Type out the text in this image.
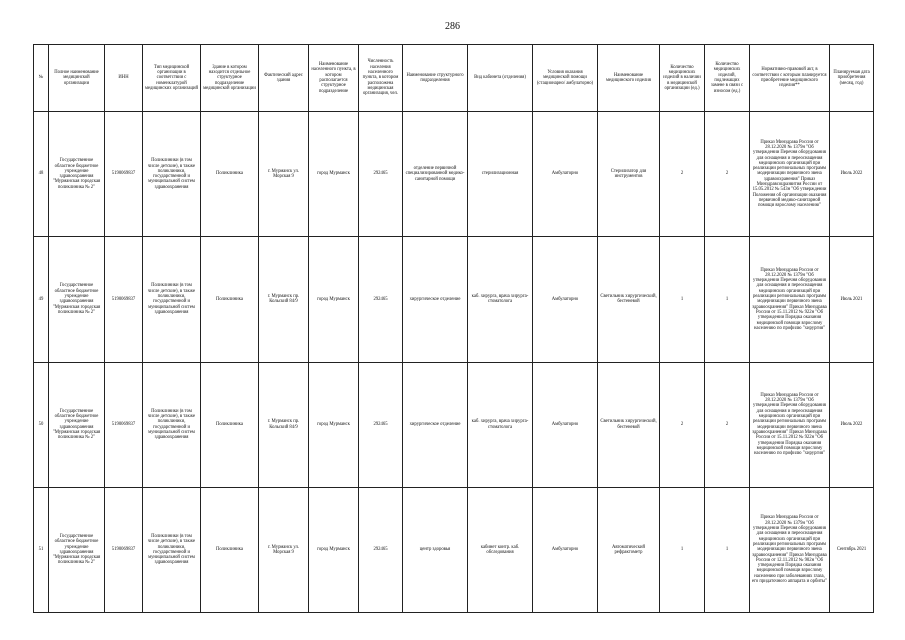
286
№	Полное наименование медицинской организации	ИНН	Тип медицинской организации в соответствии с номенклатурой медицинских организаций	Здание в котором находится отдельное структурное подразделение медицинской организации	Фактический адрес здания	Наименование населенного пункта, в котором располагается структурное подразделение	Численность населения населенного пункта, в котором расположена медицинская организация, чел.	Наименование структурного подразделения	Вид кабинета (отделения)	Условия оказания медицинской помощи (стационарно/ амбулаторно)	Наименование медицинского изделия	Количество медицинских изделий в наличии в медицинской организации (ед.)	Количество медицинских изделий, подлежащих замене в связи с износом (ед.)	Нормативно-правовой акт, в соответствии с которым планируется приобретение медицинского изделия**	Планируемая дата приобретения (месяц, год)
48	Государственное областное бюджетное учреждение здравоохранения "Мурманская городская поликлиника № 2"	5190069837	Поликлиники (в том числе детские), в также поликлиники, государственной и муниципальной систем здравоохранения	Поликлиника	г. Мурманск ул. Морская 9	город Мурманск	292465	отделение первичной специализированной медико-санитарной помощи	стерилизационная	Амбулаторно	Стерилизатор для инструментов	2	2	Приказ Минздрава России от 28.12.2020 № 1379н "Об утверждении Перечня оборудования для оснащения и переоснащения медицинских организаций при реализации региональных программ модернизации первичного звена здравоохранения" Приказ Минздравсоцразвития России от 15.05.2012 № 543н "Об утверждении Положения об организации оказания первичной медико-санитарной помощи взрослому населению"	Июль 2022
49	Государственное областное бюджетное учреждение здравоохранения "Мурманская городская поликлиника № 2"	5190069837	Поликлиники (в том числе детские), в также поликлиники, государственной и муниципальной систем здравоохранения	Поликлиника	г. Мурманск пр. Кольский 84/9	город Мурманск	292465	хирургическое отделение	каб. хирурга, врача хирурга-стоматолога	Амбулаторно	Светильник хирургический, бестеневой	1	1	Приказ Минздрава России от 28.12.2020 № 1379н "Об утверждении Перечня оборудования для оснащения и переоснащения медицинских организаций при реализации региональных программ модернизации первичного звена здравоохранения" Приказ Минздрава России от 15.11.2012 № 922н "Об утверждении Порядка оказания медицинской помощи взрослому населению по профилю "хирургия"	Июль 2021
50	Государственное областное бюджетное учреждение здравоохранения "Мурманская городская поликлиника № 2"	5190069837	Поликлиники (в том числе детские), в также поликлиники, государственной и муниципальной систем здравоохранения	Поликлиника	г. Мурманск пр. Кольский 84/9	город Мурманск	292465	хирургическое отделение	каб. хирурга, врача хирурга-стоматолога	Амбулаторно	Светильник хирургический, бестеневой	2	2	Приказ Минздрава России от 28.12.2020 № 1379н "Об утверждении Перечня оборудования для оснащения и переоснащения медицинских организаций при реализации региональных программ модернизации первичного звена здравоохранения" Приказ Минздрава России от 15.11.2012 № 922н "Об утверждении Порядка оказания медицинской помощи взрослому населению по профилю "хирургия"	Июль 2022
51	Государственное областное бюджетное учреждение здравоохранения "Мурманская городская поликлиника № 2"	5190069837	Поликлиники (в том числе детские), в также поликлиники, государственной и муниципальной систем здравоохранения	Поликлиника	г. Мурманск ул. Морская 9	город Мурманск	292465	центр здоровья	кабинет контр. каб. обследования	Амбулаторно	Автоматический рефрактометр	1	1	Приказ Минздрава России от 28.12.2020 № 1379н "Об утверждении Перечня оборудования для оснащения и переоснащения медицинских организаций при реализации региональных программ модернизации первичного звена здравоохранения" Приказ Минздрава России от 12.11.2012 № 902н "Об утверждении Порядка оказания медицинской помощи взрослому населению при заболеваниях глаза, его придаточного аппарата и орбиты"	Сентябрь 2021
